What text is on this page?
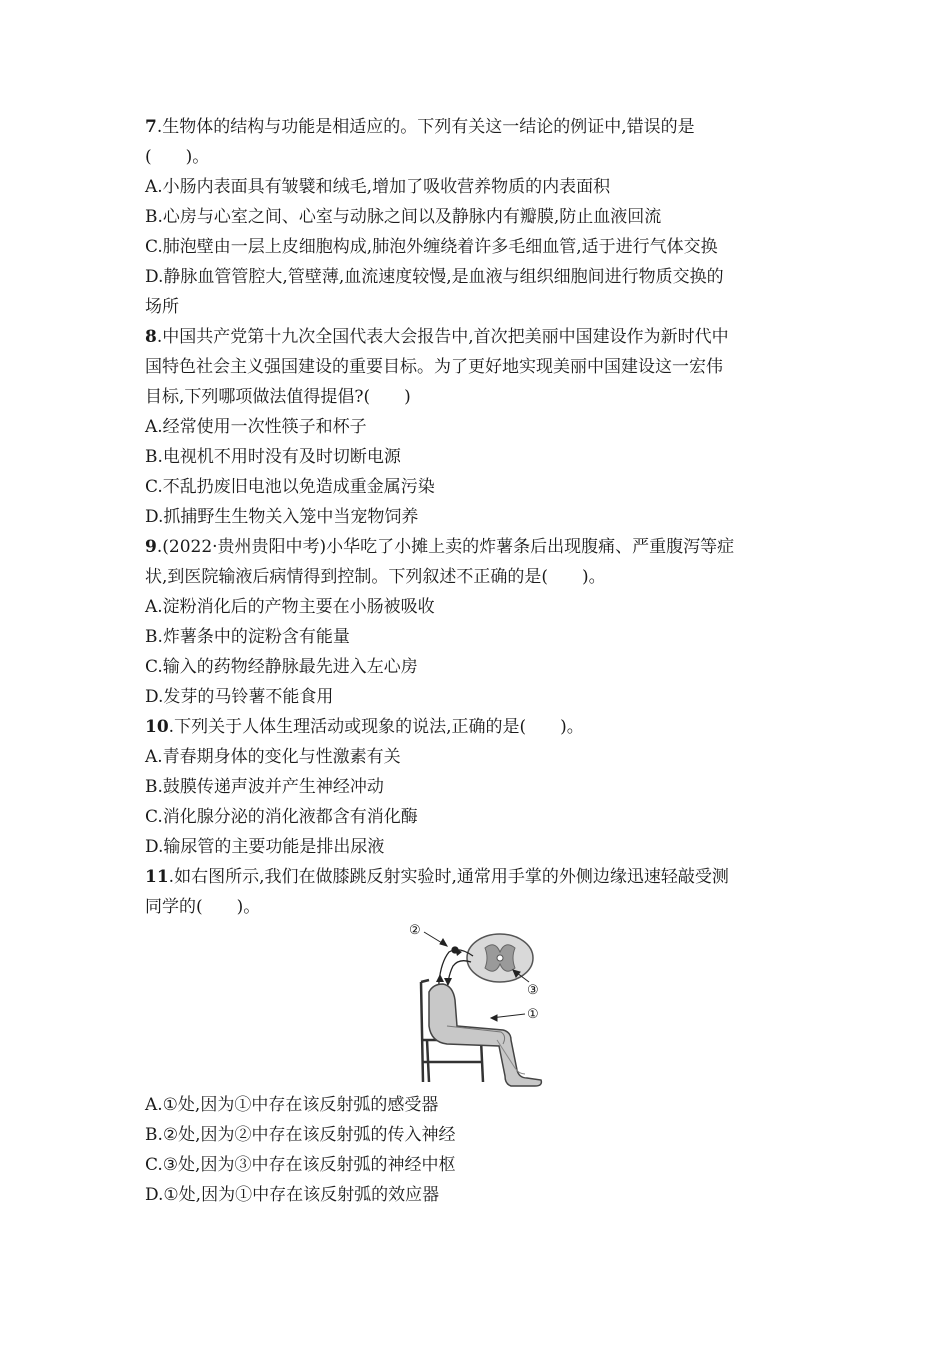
7.生物体的结构与功能是相适应的。下列有关这一结论的例证中,错误的是
(　　)。
A.小肠内表面具有皱襞和绒毛,增加了吸收营养物质的内表面积
B.心房与心室之间、心室与动脉之间以及静脉内有瓣膜,防止血液回流
C.肺泡壁由一层上皮细胞构成,肺泡外缠绕着许多毛细血管,适于进行气体交换
D.静脉血管管腔大,管壁薄,血流速度较慢,是血液与组织细胞间进行物质交换的
场所
8.中国共产党第十九次全国代表大会报告中,首次把美丽中国建设作为新时代中
国特色社会主义强国建设的重要目标。为了更好地实现美丽中国建设这一宏伟
目标,下列哪项做法值得提倡?(　　)
A.经常使用一次性筷子和杯子
B.电视机不用时没有及时切断电源
C.不乱扔废旧电池以免造成重金属污染
D.抓捕野生生物关入笼中当宠物饲养
9.(2022·贵州贵阳中考)小华吃了小摊上卖的炸薯条后出现腹痛、严重腹泻等症
状,到医院输液后病情得到控制。下列叙述不正确的是(　　)。
A.淀粉消化后的产物主要在小肠被吸收
B.炸薯条中的淀粉含有能量
C.输入的药物经静脉最先进入左心房
D.发芽的马铃薯不能食用
10.下列关于人体生理活动或现象的说法,正确的是(　　)。
A.青春期身体的变化与性激素有关
B.鼓膜传递声波并产生神经冲动
C.消化腺分泌的消化液都含有消化酶
D.输尿管的主要功能是排出尿液
11.如右图所示,我们在做膝跳反射实验时,通常用手掌的外侧边缘迅速轻敲受测
同学的(　　)。
②
③
①
A.①处,因为①中存在该反射弧的感受器
B.②处,因为②中存在该反射弧的传入神经
C.③处,因为③中存在该反射弧的神经中枢
D.①处,因为①中存在该反射弧的效应器
